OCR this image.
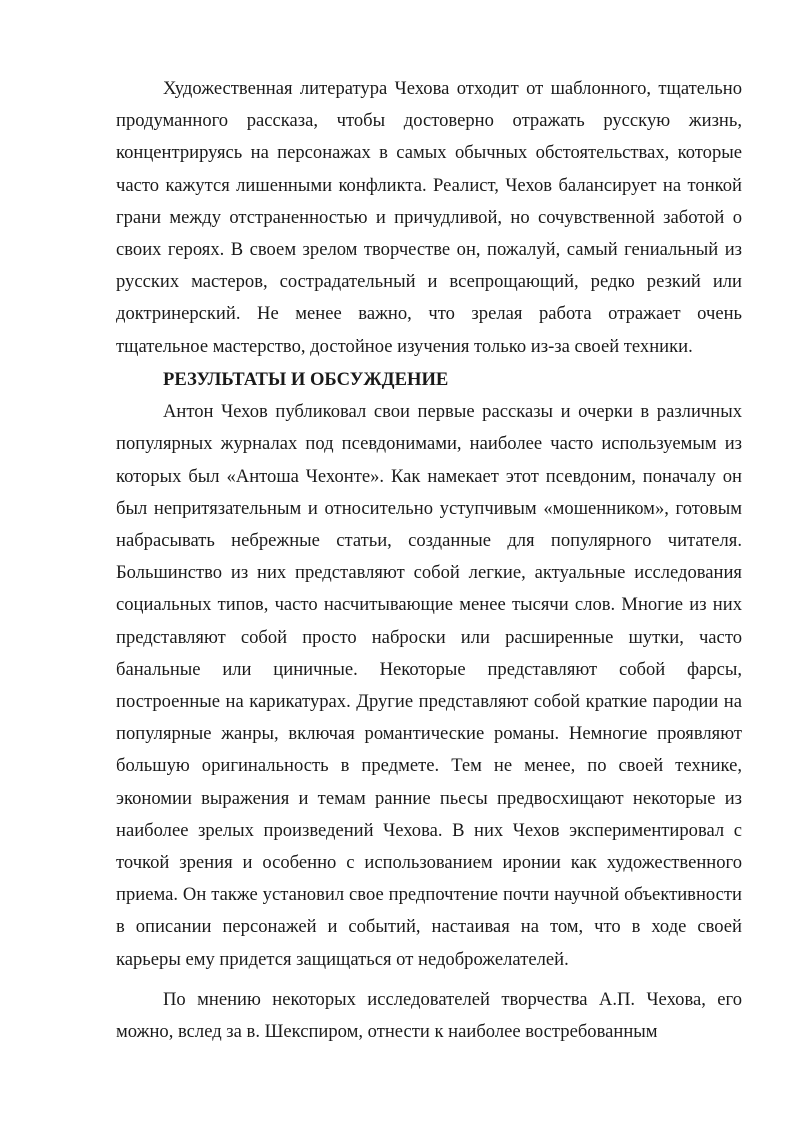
Художественная литература Чехова отходит от шаблонного, тщательно продуманного рассказа, чтобы достоверно отражать русскую жизнь, концентрируясь на персонажах в самых обычных обстоятельствах, которые часто кажутся лишенными конфликта. Реалист, Чехов балансирует на тонкой грани между отстраненностью и причудливой, но сочувственной заботой о своих героях. В своем зрелом творчестве он, пожалуй, самый гениальный из русских мастеров, сострадательный и всепрощающий, редко резкий или доктринерский. Не менее важно, что зрелая работа отражает очень тщательное мастерство, достойное изучения только из-за своей техники.

РЕЗУЛЬТАТЫ И ОБСУЖДЕНИЕ

Антон Чехов публиковал свои первые рассказы и очерки в различных популярных журналах под псевдонимами, наиболее часто используемым из которых был «Антоша Чехонте». Как намекает этот псевдоним, поначалу он был непритязательным и относительно уступчивым «мошенником», готовым набрасывать небрежные статьи, созданные для популярного читателя. Большинство из них представляют собой легкие, актуальные исследования социальных типов, часто насчитывающие менее тысячи слов. Многие из них представляют собой просто наброски или расширенные шутки, часто банальные или циничные. Некоторые представляют собой фарсы, построенные на карикатурах. Другие представляют собой краткие пародии на популярные жанры, включая романтические романы. Немногие проявляют большую оригинальность в предмете. Тем не менее, по своей технике, экономии выражения и темам ранние пьесы предвосхищают некоторые из наиболее зрелых произведений Чехова. В них Чехов экспериментировал с точкой зрения и особенно с использованием иронии как художественного приема. Он также установил свое предпочтение почти научной объективности в описании персонажей и событий, настаивая на том, что в ходе своей карьеры ему придется защищаться от недоброжелателей.

По мнению некоторых исследователей творчества А.П. Чехова, его можно, вслед за в. Шекспиром, отнести к наиболее востребованным
